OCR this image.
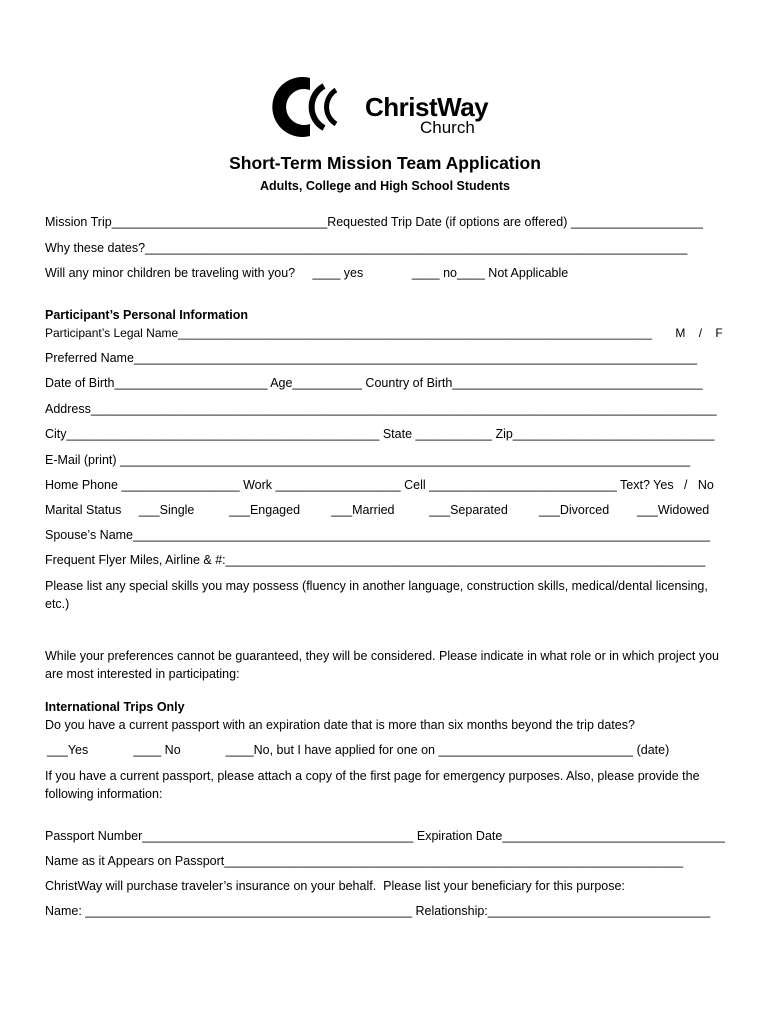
ChristWay
Church
Short-Term Mission Team Application
Adults, College and High School Students
Mission Trip_______________________________Requested Trip Date (if options are offered) ___________________
Why these dates?______________________________________________________________________________
Will any minor children be traveling with you?     ____ yes              ____ no____ Not Applicable
Participant’s Personal Information
Participant’s Legal Name_______________________________________________________________________       M    /    F
Preferred Name_________________________________________________________________________________
Date of Birth______________________ Age__________ Country of Birth____________________________________
Address__________________________________________________________________________________________
City_____________________________________________ State ___________ Zip_____________________________
E-Mail (print) __________________________________________________________________________________
Home Phone _________________ Work __________________ Cell ___________________________ Text? Yes   /   No
Marital Status     ___Single          ___Engaged         ___Married          ___Separated         ___Divorced        ___Widowed
Spouse’s Name___________________________________________________________________________________
Frequent Flyer Miles, Airline & #:_____________________________________________________________________
Please list any special skills you may possess (fluency in another language, construction skills, medical/dental licensing, etc.)
While your preferences cannot be guaranteed, they will be considered. Please indicate in what role or in which project you are most interested in participating:
International Trips Only
Do you have a current passport with an expiration date that is more than six months beyond the trip dates?
___Yes             ____ No             ____No, but I have applied for one on ____________________________ (date)
If you have a current passport, please attach a copy of the first page for emergency purposes. Also, please provide the following information:
Passport Number_______________________________________ Expiration Date________________________________
Name as it Appears on Passport__________________________________________________________________
ChristWay will purchase traveler’s insurance on your behalf.  Please list your beneficiary for this purpose:
Name: _______________________________________________ Relationship:________________________________
